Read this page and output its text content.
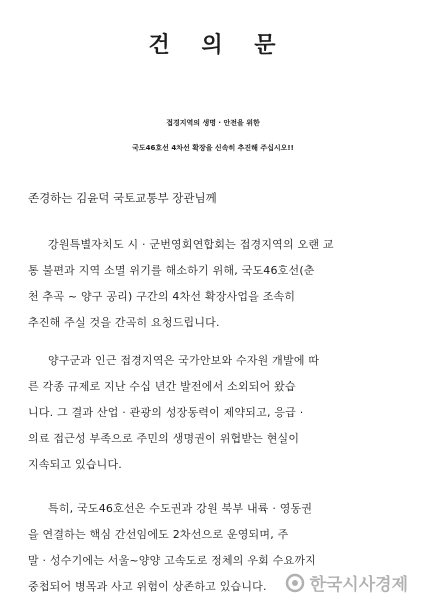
건 의 문
접경지역의 생명 · 안전을 위한
국도46호선 4차선 확장을 신속히 추진해 주십시오!!
존경하는 김윤덕 국토교통부 장관님께
강원특별자치도 시 · 군번영회연합회는 접경지역의 오랜 교
통 불편과 지역 소멸 위기를 해소하기 위해, 국도46호선(춘
천 추곡 ~ 양구 공리) 구간의 4차선 확장사업을 조속히
추진해 주실 것을 간곡히 요청드립니다.
양구군과 인근 접경지역은 국가안보와 수자원 개발에 따
른 각종 규제로 지난 수십 년간 발전에서 소외되어 왔습
니다. 그 결과 산업 · 관광의 성장동력이 제약되고, 응급 ·
의료 접근성 부족으로 주민의 생명권이 위협받는 현실이
지속되고 있습니다.
특히, 국도46호선은 수도권과 강원 북부 내륙 · 영동권
을 연결하는 핵심 간선임에도 2차선으로 운영되며, 주
말 · 성수기에는 서울~양양 고속도로 정체의 우회 수요까지
중첩되어 병목과 사고 위험이 상존하고 있습니다.	한국시사경제
